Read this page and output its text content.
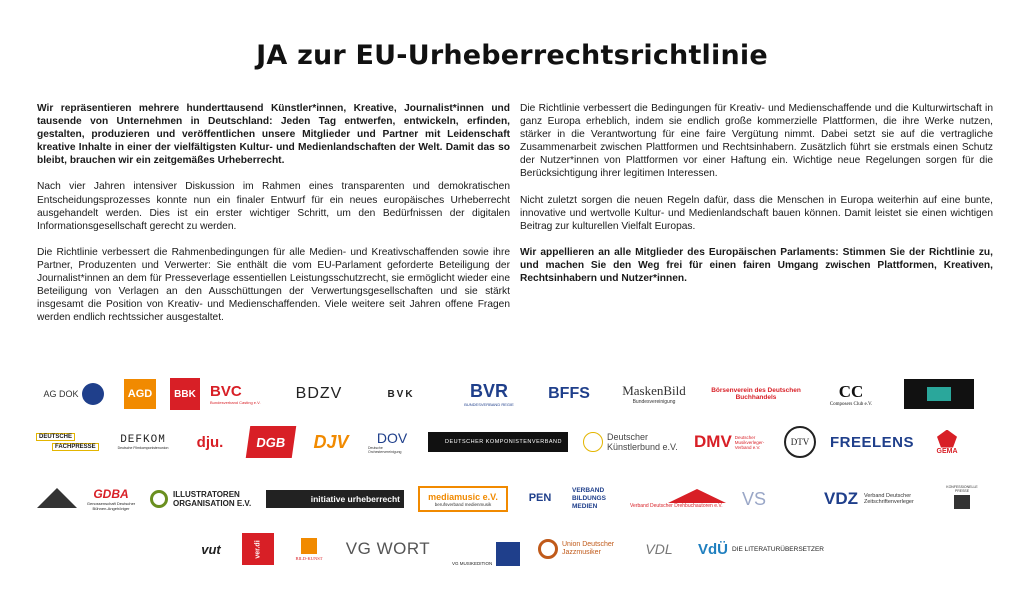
JA zur EU-Urheberrechtsrichtlinie

Wir repräsentieren mehrere hunderttausend Künstler*innen, Kreative, Journalist*innen und tausende von Unternehmen in Deutschland: Jeden Tag entwerfen, entwickeln, erfinden, gestalten, produzieren und veröffentlichen unsere Mitglieder und Partner mit Leidenschaft kreative Inhalte in einer der vielfältigsten Kultur- und Medienlandschaften der Welt. Damit das so bleibt, brauchen wir ein zeitgemäßes Urheberrecht.

Nach vier Jahren intensiver Diskussion im Rahmen eines transparenten und demokratischen Entscheidungsprozesses konnte nun ein finaler Entwurf für ein neues europäisches Urheberrecht ausgehandelt werden. Dies ist ein erster wichtiger Schritt, um den Bedürfnissen der digitalen Informationsgesellschaft gerecht zu werden.

Die Richtlinie verbessert die Rahmenbedingungen für alle Medien- und Kreativschaffenden sowie ihre Partner, Produzenten und Verwerter: Sie enthält die vom EU-Parlament geforderte Beteiligung der Journalist*innen an dem für Presseverlage essentiellen Leistungsschutzrecht, sie ermöglicht wieder eine Beteiligung von Verlagen an den Ausschüttungen der Verwertungsgesellschaften und sie stärkt insgesamt die Position von Kreativ- und Medienschaffenden. Viele weitere seit Jahren offene Fragen werden endlich rechtssicher ausgestaltet.

Die Richtlinie verbessert die Bedingungen für Kreativ- und Medienschaffende und die Kulturwirtschaft in ganz Europa erheblich, indem sie endlich große kommerzielle Plattformen, die ihre Werke nutzen, stärker in die Verantwortung für eine faire Vergütung nimmt. Dabei setzt sie auf die vertragliche Zusammenarbeit zwischen Plattformen und Rechtsinhabern. Zusätzlich führt sie erstmals einen Schutz der Nutzer*innen von Plattformen vor einer Haftung ein. Wichtige neue Regelungen sorgen für die Berücksichtigung ihrer legitimen Interessen.

Nicht zuletzt sorgen die neuen Regeln dafür, dass die Menschen in Europa weiterhin auf eine bunte, innovative und wertvolle Kultur- und Medienlandschaft bauen können. Damit leistet sie einen wichtigen Beitrag zur kulturellen Vielfalt Europas.

Wir appellieren an alle Mitglieder des Europäischen Parlaments: Stimmen Sie der Richtlinie zu, und machen Sie den Weg frei für einen fairen Umgang zwischen Plattformen, Kreativen, Rechtsinhabern und Nutzer*innen.

AG DOK	AGD BBK BVC
Bundesverband Casting e.V.
BDZV	BVK	BVR
BUNDESVERBAND REGIE
BFFS MaskenBild
Bundesvereinigung
Börsenverein des Deutschen Buchhandels	CC
Composers Club e.V.
DEUTSCHE
FACHPRESSE
DEFKOM
Deutsche Filmkomponistenunion dju. DGB DJV DOV
Deutsche Orchestervereinigung
DEUTSCHER KOMPONISTENVERBAND	Deutscher Künstlerbund e.V. DMV Deutscher Musikverleger-Verband e.V.	DTV FREELENS
GEMA
GDBA
Genossenschaft Deutscher Bühnen-Angehöriger
ILLUSTRATOREN ORGANISATION E.V.	initiative urheberrecht	mediamusic e.V.
berufsverband medienmusik	PEN
VERBAND BILDUNGS MEDIEN	Verband Deutscher Drehbuchautoren e.V. VS	VDZ Verband Deutscher Zeitschriftenverleger
KONFESSIONELLE PRESSE
vut	ver.di	BILD-KUNST VG WORT
VG MUSIKEDITION
Union Deutscher Jazzmusiker	VDL VdÜ DIE LITERATURÜBERSETZER
